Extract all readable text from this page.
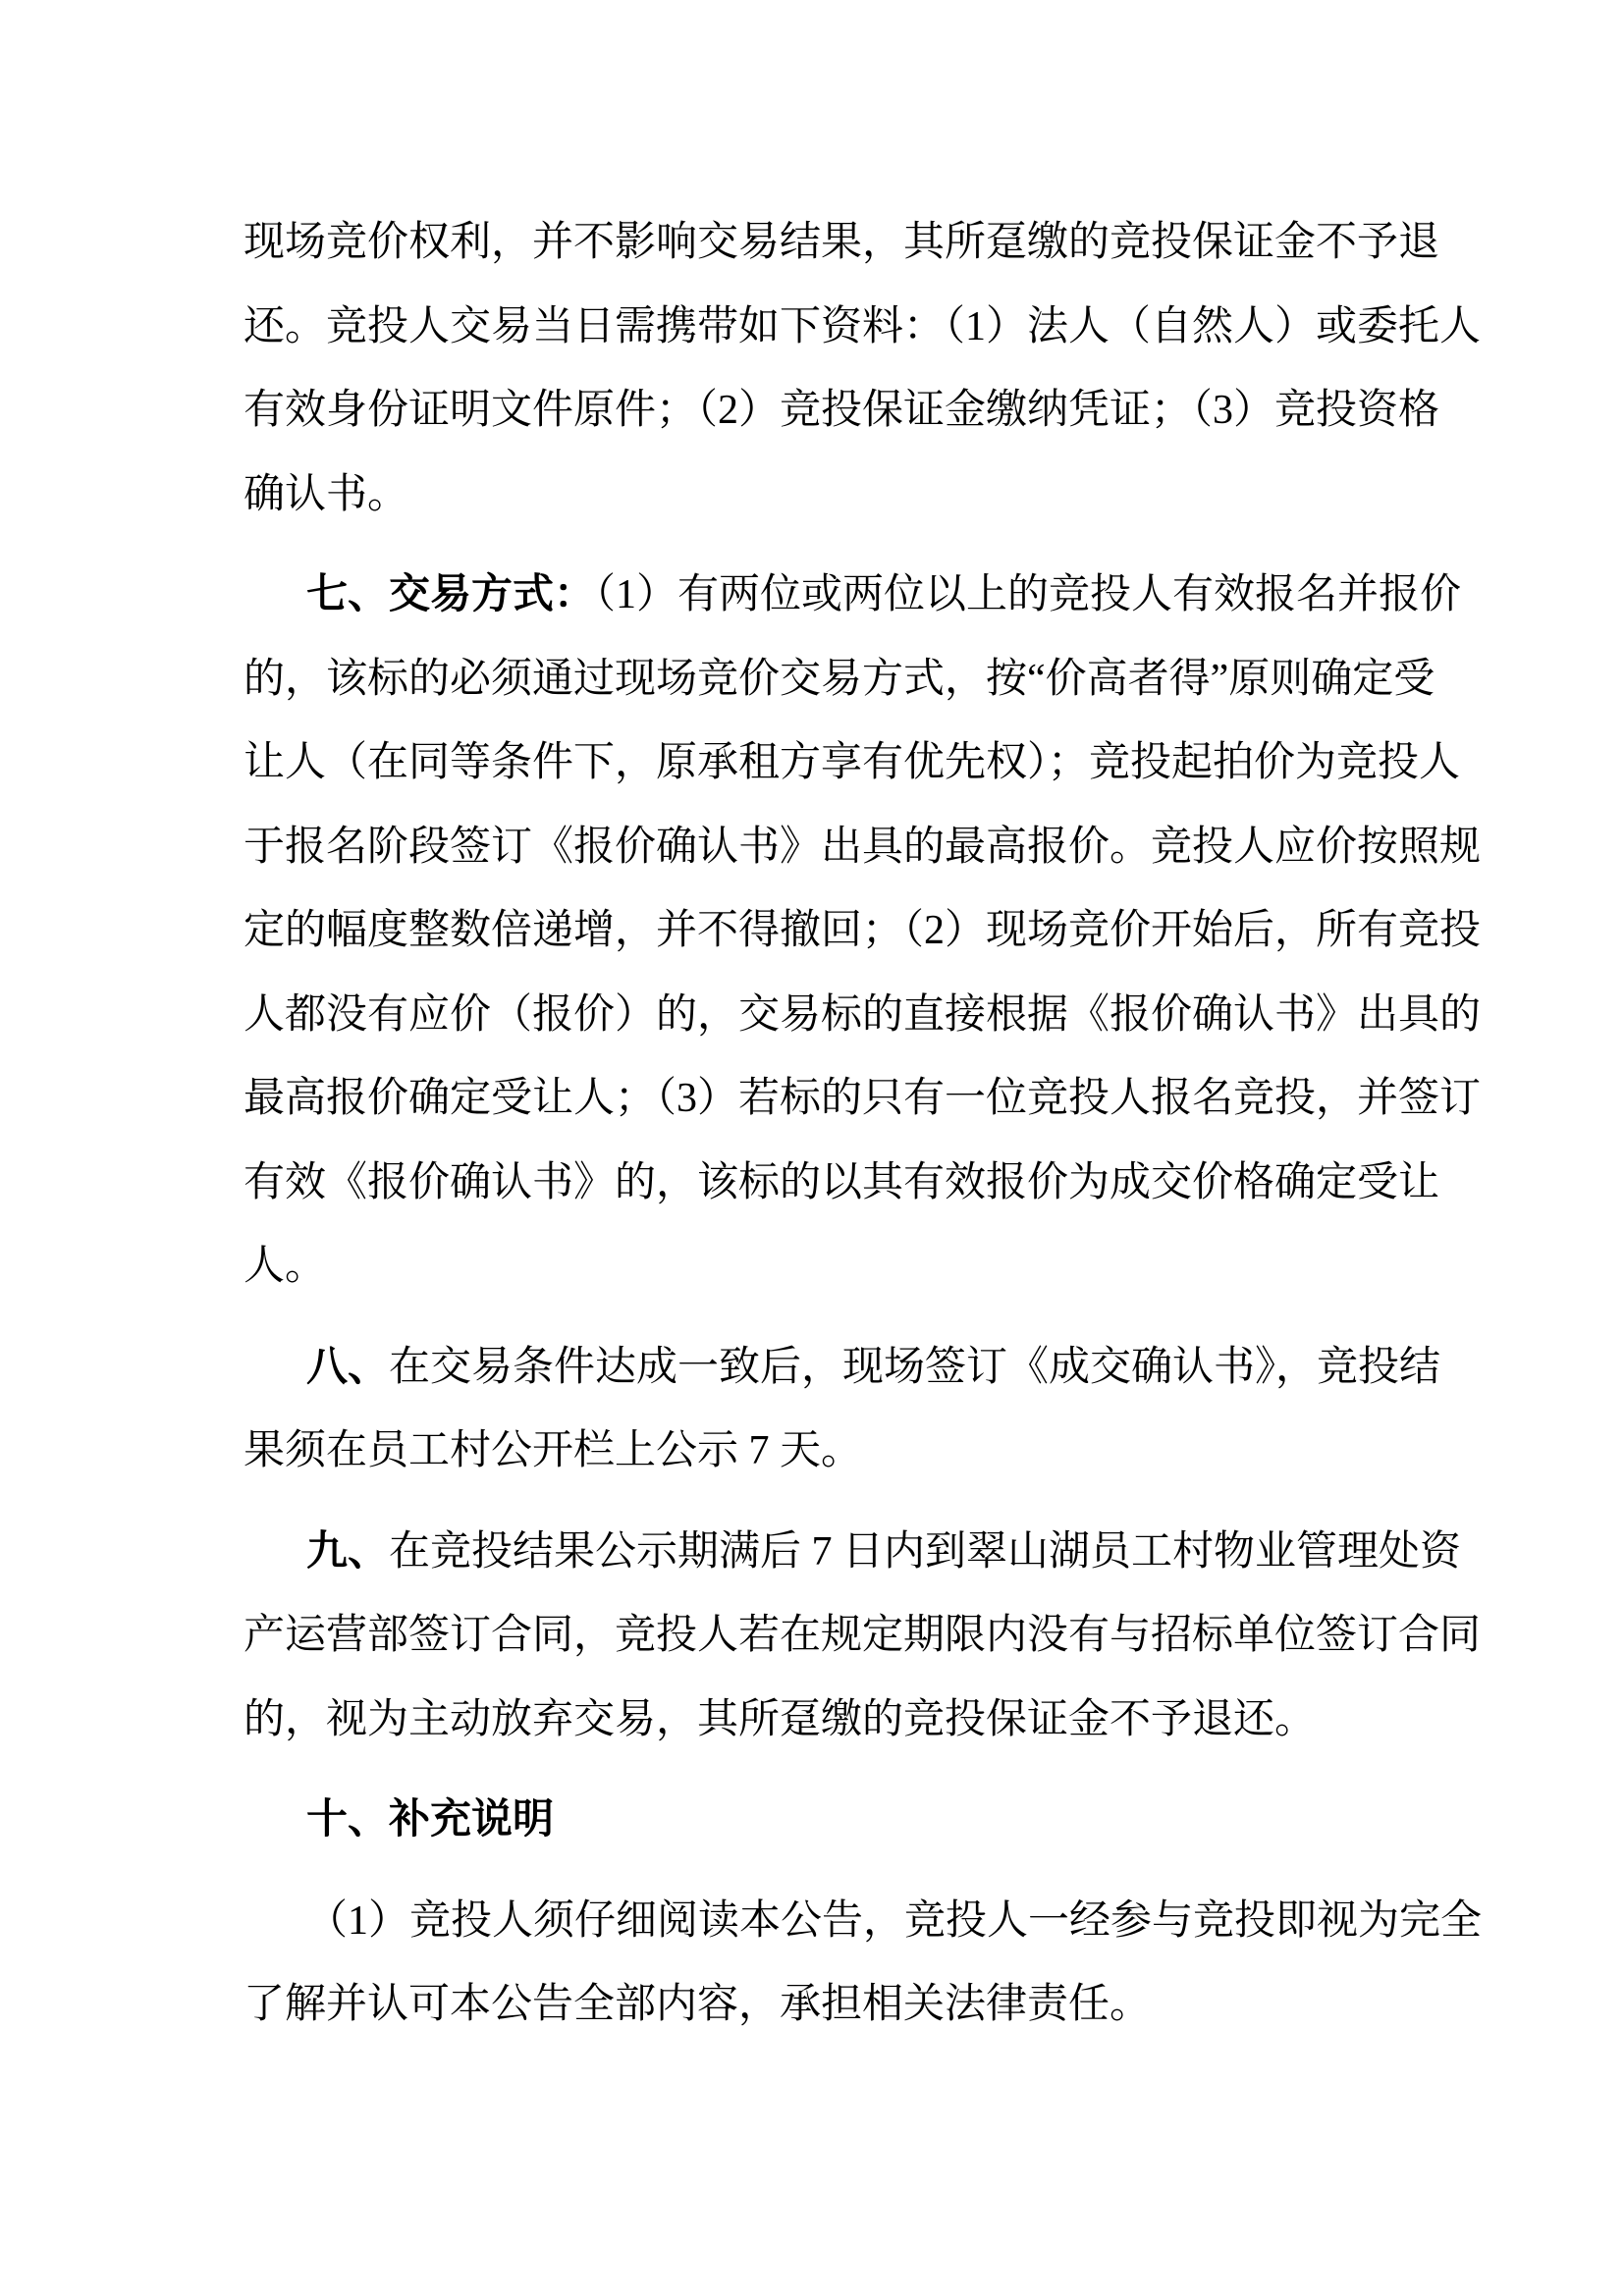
现场竞价权利，并不影响交易结果，其所趸缴的竞投保证金不予退
还。竞投人交易当日需携带如下资料：（1）法人（自然人）或委托人
有效身份证明文件原件；（2）竞投保证金缴纳凭证；（3）竞投资格
确认书。
七、交易方式：（1）有两位或两位以上的竞投人有效报名并报价
的，该标的必须通过现场竞价交易方式，按“价高者得”原则确定受
让人（在同等条件下，原承租方享有优先权）；竞投起拍价为竞投人
于报名阶段签订《报价确认书》出具的最高报价。竞投人应价按照规
定的幅度整数倍递增，并不得撤回；（2）现场竞价开始后，所有竞投
人都没有应价（报价）的，交易标的直接根据《报价确认书》出具的
最高报价确定受让人；（3）若标的只有一位竞投人报名竞投，并签订
有效《报价确认书》的，该标的以其有效报价为成交价格确定受让
人。
八、在交易条件达成一致后，现场签订《成交确认书》，竞投结
果须在员工村公开栏上公示 7 天。
九、在竞投结果公示期满后 7 日内到翠山湖员工村物业管理处资
产运营部签订合同，竞投人若在规定期限内没有与招标单位签订合同
的，视为主动放弃交易，其所趸缴的竞投保证金不予退还。
十、补充说明
（1）竞投人须仔细阅读本公告，竞投人一经参与竞投即视为完全
了解并认可本公告全部内容，承担相关法律责任。
